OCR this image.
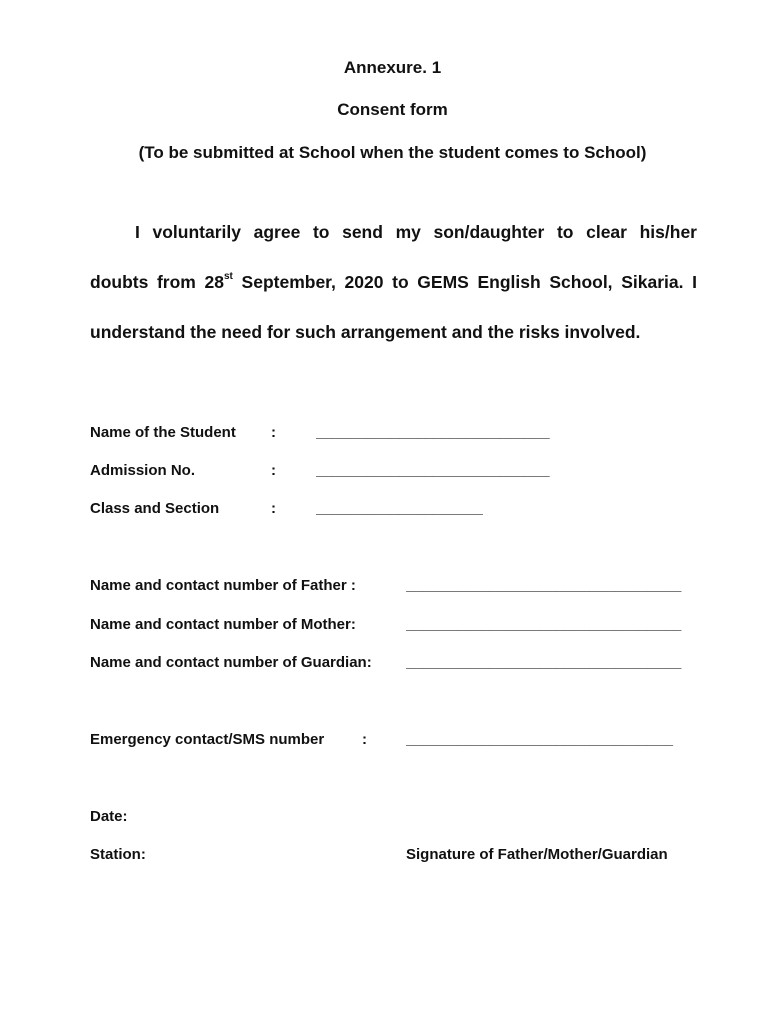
Annexure. 1
Consent form
(To be submitted at School when the student comes to School)
I voluntarily agree to send my son/daughter to clear his/her
doubts from 28st September, 2020 to GEMS English School, Sikaria. I
understand the need for such arrangement and the risks involved.
Name of the Student :	____________________________
Admission No.	:	____________________________
Class and Section	:	____________________
Name and contact number of Father :	_________________________________
Name and contact number of Mother:	_________________________________
Name and contact number of Guardian: _________________________________
Emergency contact/SMS number	:	________________________________
Date:
Station:	Signature of Father/Mother/Guardian
